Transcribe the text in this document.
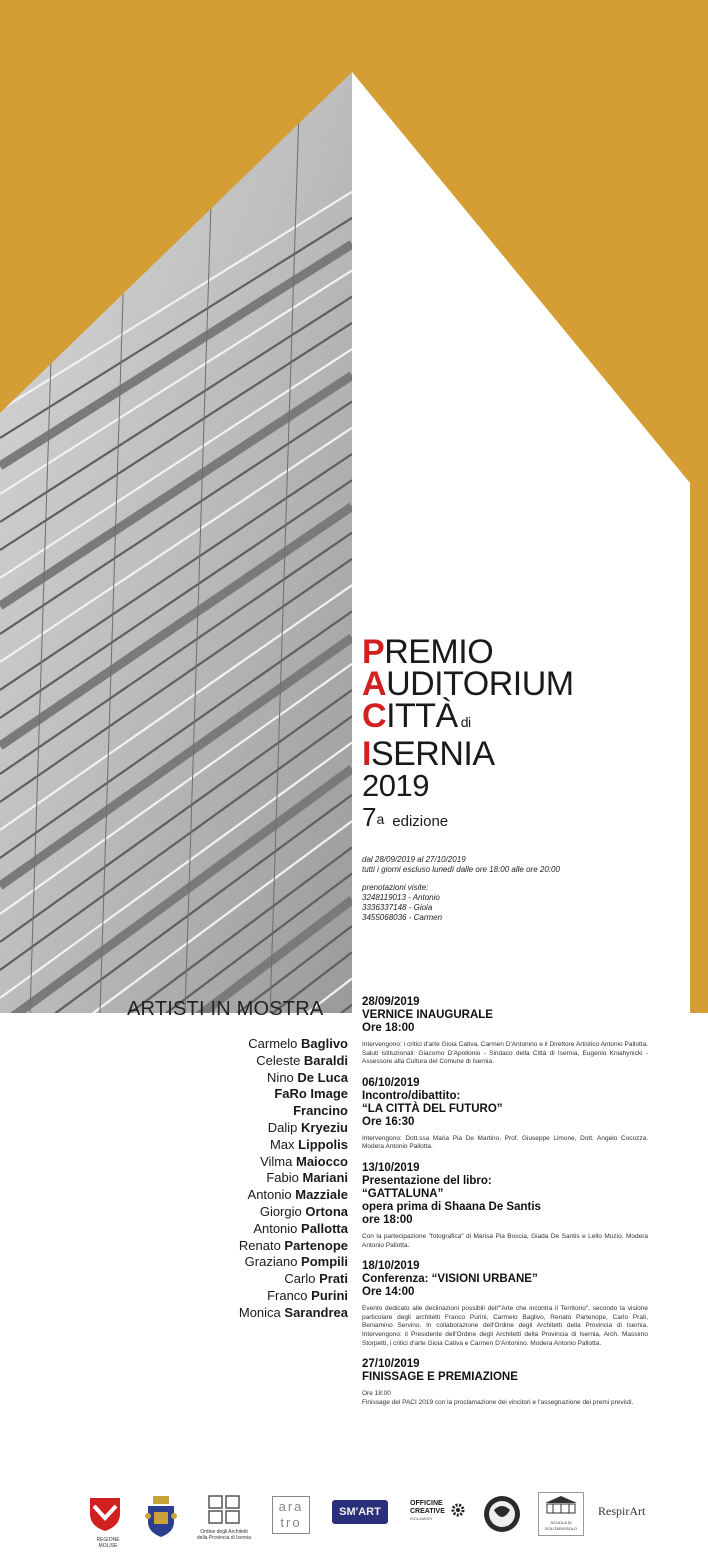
PREMIO
AUDITORIUM
CITTÀ di
ISERNIA
2019
7$^a$ edizione
dal 28/09/2019 al 27/10/2019
tutti i giorni escluso lunedì dalle ore 18:00 alle ore 20:00
prenotazioni visite:
3248119013 - Antonio
3336337148 - Gioia
3455068036 - Carmen
ARTISTI IN MOSTRA
Carmelo Baglivo
Celeste Baraldi
Nino De Luca
FaRo Image
Francino
Dalip Kryeziu
Max Lippolis
Vilma Maiocco
Fabio Mariani
Antonio Mazziale
Giorgio Ortona
Antonio Pallotta
Renato Partenope
Graziano Pompili
Carlo Prati
Franco Purini
Monica Sarandrea
28/09/2019
VERNICE INAUGURALE
Ore 18:00
Intervengono: i critici d'arte Gioia Cativa, Carmen D'Antonino e il Direttore Artistico Antonio Pallotta. Saluti istituzionali: Giacomo D'Apollonio - Sindaco della Città di Isernia, Eugenio Kniahynicki - Assessore alla Cultura del Comune di Isernia.
06/10/2019
Incontro/dibattito:
“LA CITTÀ DEL FUTURO”
Ore 16:30
Intervengono: Dott.ssa Maria Pia De Martino, Prof. Giuseppe Limone, Dott. Angelo Cocozza. Modera Antonio Pallotta.
13/10/2019
Presentazione del libro:
“GATTALUNA”
opera prima di Shaana De Santis
ore 18:00
Con la partecipazione "fotografica" di Marisa Pia Boscia, Giada De Santis e Lello Muzio. Modera Antonio Pallotta.
18/10/2019
Conferenza: “VISIONI URBANE”
Ore 14:00
Evento dedicato alle declinazioni possibili dell'"Arte che incontra il Territorio", secondo la visione particolare degli architetti Franco Purini, Carmelo Baglivo, Renato Partenope, Carlo Prati, Beniamino Servino. In collaborazione dell'Ordine degli Architetti della Provincia di Isernia. Intervengono: il Presidente dell'Ordine degli Architetti della Provincia di Isernia, Arch. Massimo Storpetti, i critici d'arte Gioia Cativa e Carmen D'Antonino. Modera Antonio Pallotta.
27/10/2019
FINISSAGE E PREMIAZIONE
Ore 18:00
Finissage del PACI 2019 con la proclamazione dei vincitori e l'assegnazione dei premi previsti.
REGIONE MOLISE
Ordine degli Architetti
della Provincia di Isernia
ara
tro
SM'ART
OFFICINE
CREATIVE
ISOLAMORI
SCUOLA DI
SOLITARIOSOLO
RespirArt
